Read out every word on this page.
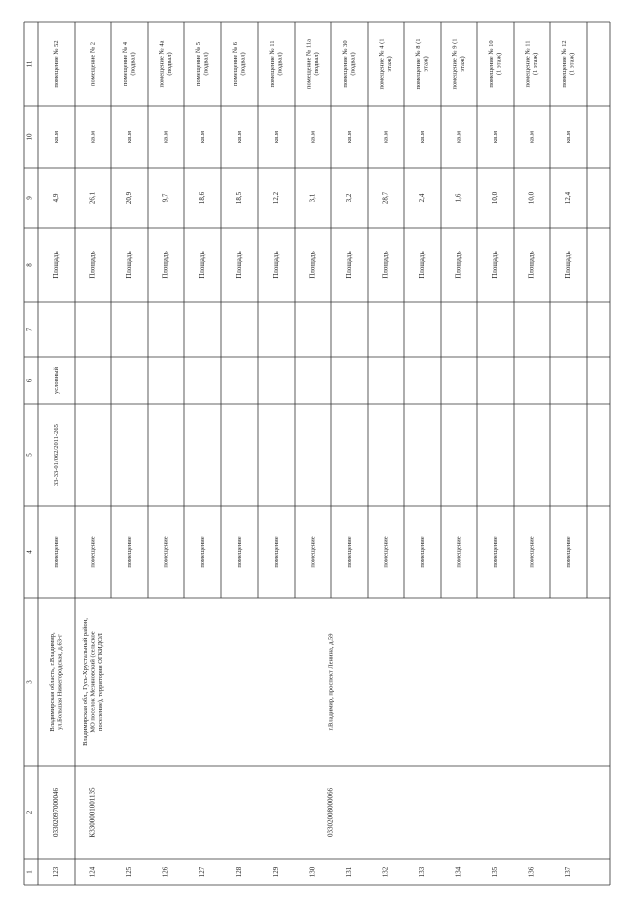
1
2
3
4
5
6
7
8
9
10
11
123
помещение
33-33-01/062/2011-265
условный
Площадь
4,9
кв.м
помещение № 52
03302097000046
Владимирская область, г.Владимир, ул.Большая Нижегородская, д.63-г
124
помещение
Площадь
26,1
кв.м
помещение № 2
К3300001001135
Владимирская обл., Гусь-Хрустальный район, МО поселок Мезиновский (сельское поселение), территория ОГКИДОЛ
125
помещение
Площадь
20,9
кв.м
помещение № 4 (подвал)
126
помещение
Площадь
9,7
кв.м
помещение № 4а (подвал)
127
помещение
Площадь
18,6
кв.м
помещение № 5 (подвал)
128
помещение
Площадь
18,5
кв.м
помещение № 6 (подвал)
129
помещение
Площадь
12,2
кв.м
помещение № 11 (подвал)
130
помещение
Площадь
3,1
кв.м
помещение № 11а (подвал)
131
помещение
Площадь
3,2
кв.м
помещение № 30 (подвал)
03302008000066
г.Владимир, проспект Ленина, д.59
132
помещение
Площадь
28,7
кв.м
помещение № 4 (1 этаж)
133
помещение
Площадь
2,4
кв.м
помещение № 8 (1 этаж)
134
помещение
Площадь
1,6
кв.м
помещение № 9 (1 этаж)
135
помещение
Площадь
10,0
кв.м
помещение № 10 (1 этаж)
136
помещение
Площадь
10,0
кв.м
помещение № 11 (1 этаж)
137
помещение
Площадь
12,4
кв.м
помещение № 12 (1 этаж)
